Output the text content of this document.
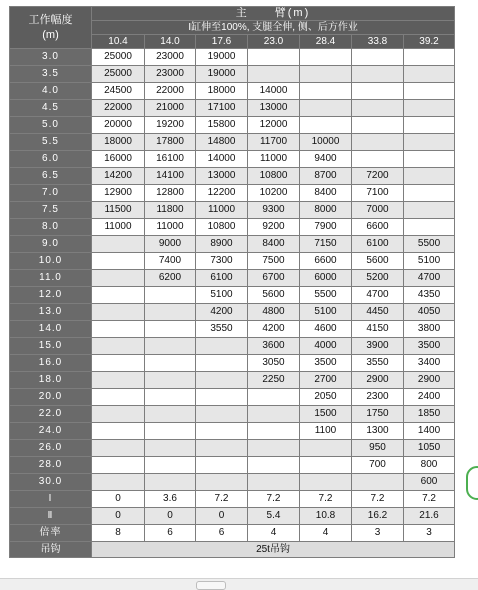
工作幅度
(m)	主　　臂(m)						
	Ⅰ缸伸至100%, 支腿全伸, 侧、后方作业						
	10.4	14.0	17.6	23.0	28.4	33.8	39.2
3.0	25000	23000	19000				
3.5	25000	23000	19000				
4.0	24500	22000	18000	14000			
4.5	22000	21000	17100	13000			
5.0	20000	19200	15800	12000			
5.5	18000	17800	14800	11700	10000		
6.0	16000	16100	14000	11000	9400		
6.5	14200	14100	13000	10800	8700	7200	
7.0	12900	12800	12200	10200	8400	7100	
7.5	11500	11800	11000	9300	8000	7000	
8.0	11000	11000	10800	9200	7900	6600	
9.0		9000	8900	8400	7150	6100	5500
10.0		7400	7300	7500	6600	5600	5100
11.0		6200	6100	6700	6000	5200	4700
12.0			5100	5600	5500	4700	4350
13.0			4200	4800	5100	4450	4050
14.0			3550	4200	4600	4150	3800
15.0				3600	4000	3900	3500
16.0				3050	3500	3550	3400
18.0				2250	2700	2900	2900
20.0					2050	2300	2400
22.0					1500	1750	1850
24.0					1100	1300	1400
26.0						950	1050
28.0						700	800
30.0							600
Ⅰ	0	3.6	7.2	7.2	7.2	7.2	7.2
Ⅱ	0	0	0	5.4	10.8	16.2	21.6
倍率	8	6	6	4	4	3	3
吊钩	25t吊钩						
